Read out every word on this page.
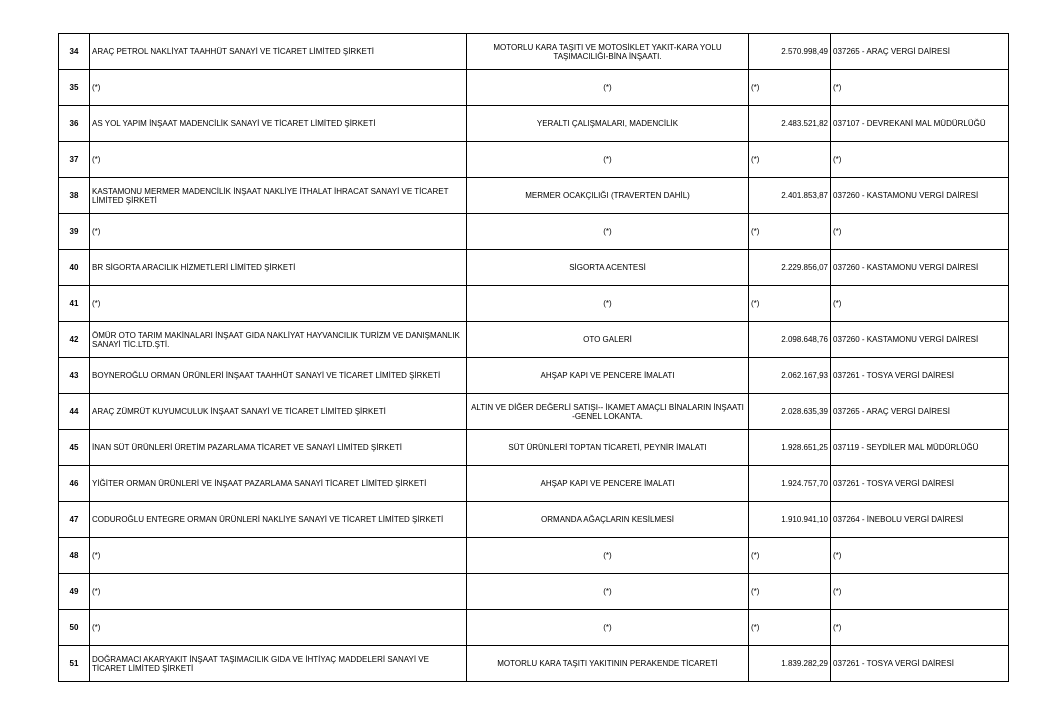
34	ARAÇ PETROL NAKLİYAT TAAHHÜT SANAYİ VE TİCARET LİMİTED ŞİRKETİ	MOTORLU KARA TAŞITI VE MOTOSİKLET YAKIT-KARA YOLU TAŞIMACILIĞI-BİNA İNŞAATI.	2.570.998,49	037265 - ARAÇ VERGİ DAİRESİ
35	(*)	(*)	(*)	(*)
36	AS YOL YAPIM İNŞAAT MADENCİLİK SANAYİ VE TİCARET LİMİTED ŞİRKETİ	YERALTI ÇALIŞMALARI, MADENCİLİK	2.483.521,82	037107 - DEVREKANİ MAL MÜDÜRLÜĞÜ
37	(*)	(*)	(*)	(*)
38	KASTAMONU MERMER MADENCİLİK İNŞAAT NAKLİYE İTHALAT İHRACAT SANAYİ VE TİCARET LİMİTED ŞİRKETİ	MERMER OCAKÇILIĞI (TRAVERTEN DAHİL)	2.401.853,87	037260 - KASTAMONU VERGİ DAİRESİ
39	(*)	(*)	(*)	(*)
40	BR SİGORTA ARACILIK HİZMETLERİ LİMİTED ŞİRKETİ	SİGORTA ACENTESİ	2.229.856,07	037260 - KASTAMONU VERGİ DAİRESİ
41	(*)	(*)	(*)	(*)
42	ÖMÜR OTO TARIM MAKİNALARI İNŞAAT GIDA NAKLİYAT HAYVANCILIK TURİZM VE DANIŞMANLIK SANAYİ TİC.LTD.ŞTİ.	OTO GALERİ	2.098.648,76	037260 - KASTAMONU VERGİ DAİRESİ
43	BOYNEROĞLU ORMAN ÜRÜNLERİ İNŞAAT TAAHHÜT SANAYİ VE TİCARET LİMİTED ŞİRKETİ	AHŞAP KAPI VE PENCERE İMALATI	2.062.167,93	037261 - TOSYA VERGİ DAİRESİ
44	ARAÇ ZÜMRÜT KUYUMCULUK İNŞAAT SANAYİ VE TİCARET LİMİTED ŞİRKETİ	ALTIN VE DİĞER DEĞERLİ SATIŞI-- İKAMET AMAÇLI BİNALARIN İNŞAATI -GENEL LOKANTA.	2.028.635,39	037265 - ARAÇ VERGİ DAİRESİ
45	İNAN SÜT ÜRÜNLERİ ÜRETİM PAZARLAMA TİCARET VE SANAYİ LİMİTED ŞİRKETİ	SÜT ÜRÜNLERİ TOPTAN TİCARETİ, PEYNİR İMALATI	1.928.651,25	037119 - SEYDİLER MAL MÜDÜRLÜĞÜ
46	YİĞİTER ORMAN ÜRÜNLERİ VE İNŞAAT PAZARLAMA SANAYİ TİCARET LİMİTED ŞİRKETİ	AHŞAP KAPI VE PENCERE İMALATI	1.924.757,70	037261 - TOSYA VERGİ DAİRESİ
47	CODUROĞLU ENTEGRE ORMAN ÜRÜNLERİ NAKLİYE SANAYİ VE TİCARET LİMİTED ŞİRKETİ	ORMANDA AĞAÇLARIN KESİLMESİ	1.910.941,10	037264 - İNEBOLU VERGİ DAİRESİ
48	(*)	(*)	(*)	(*)
49	(*)	(*)	(*)	(*)
50	(*)	(*)	(*)	(*)
51	DOĞRAMACI AKARYAKIT İNŞAAT TAŞIMACILIK GIDA VE İHTİYAÇ MADDELERİ SANAYİ VE TİCARET LİMİTED ŞİRKETİ	MOTORLU KARA TAŞITI YAKITININ PERAKENDE TİCARETİ	1.839.282,29	037261 - TOSYA VERGİ DAİRESİ
